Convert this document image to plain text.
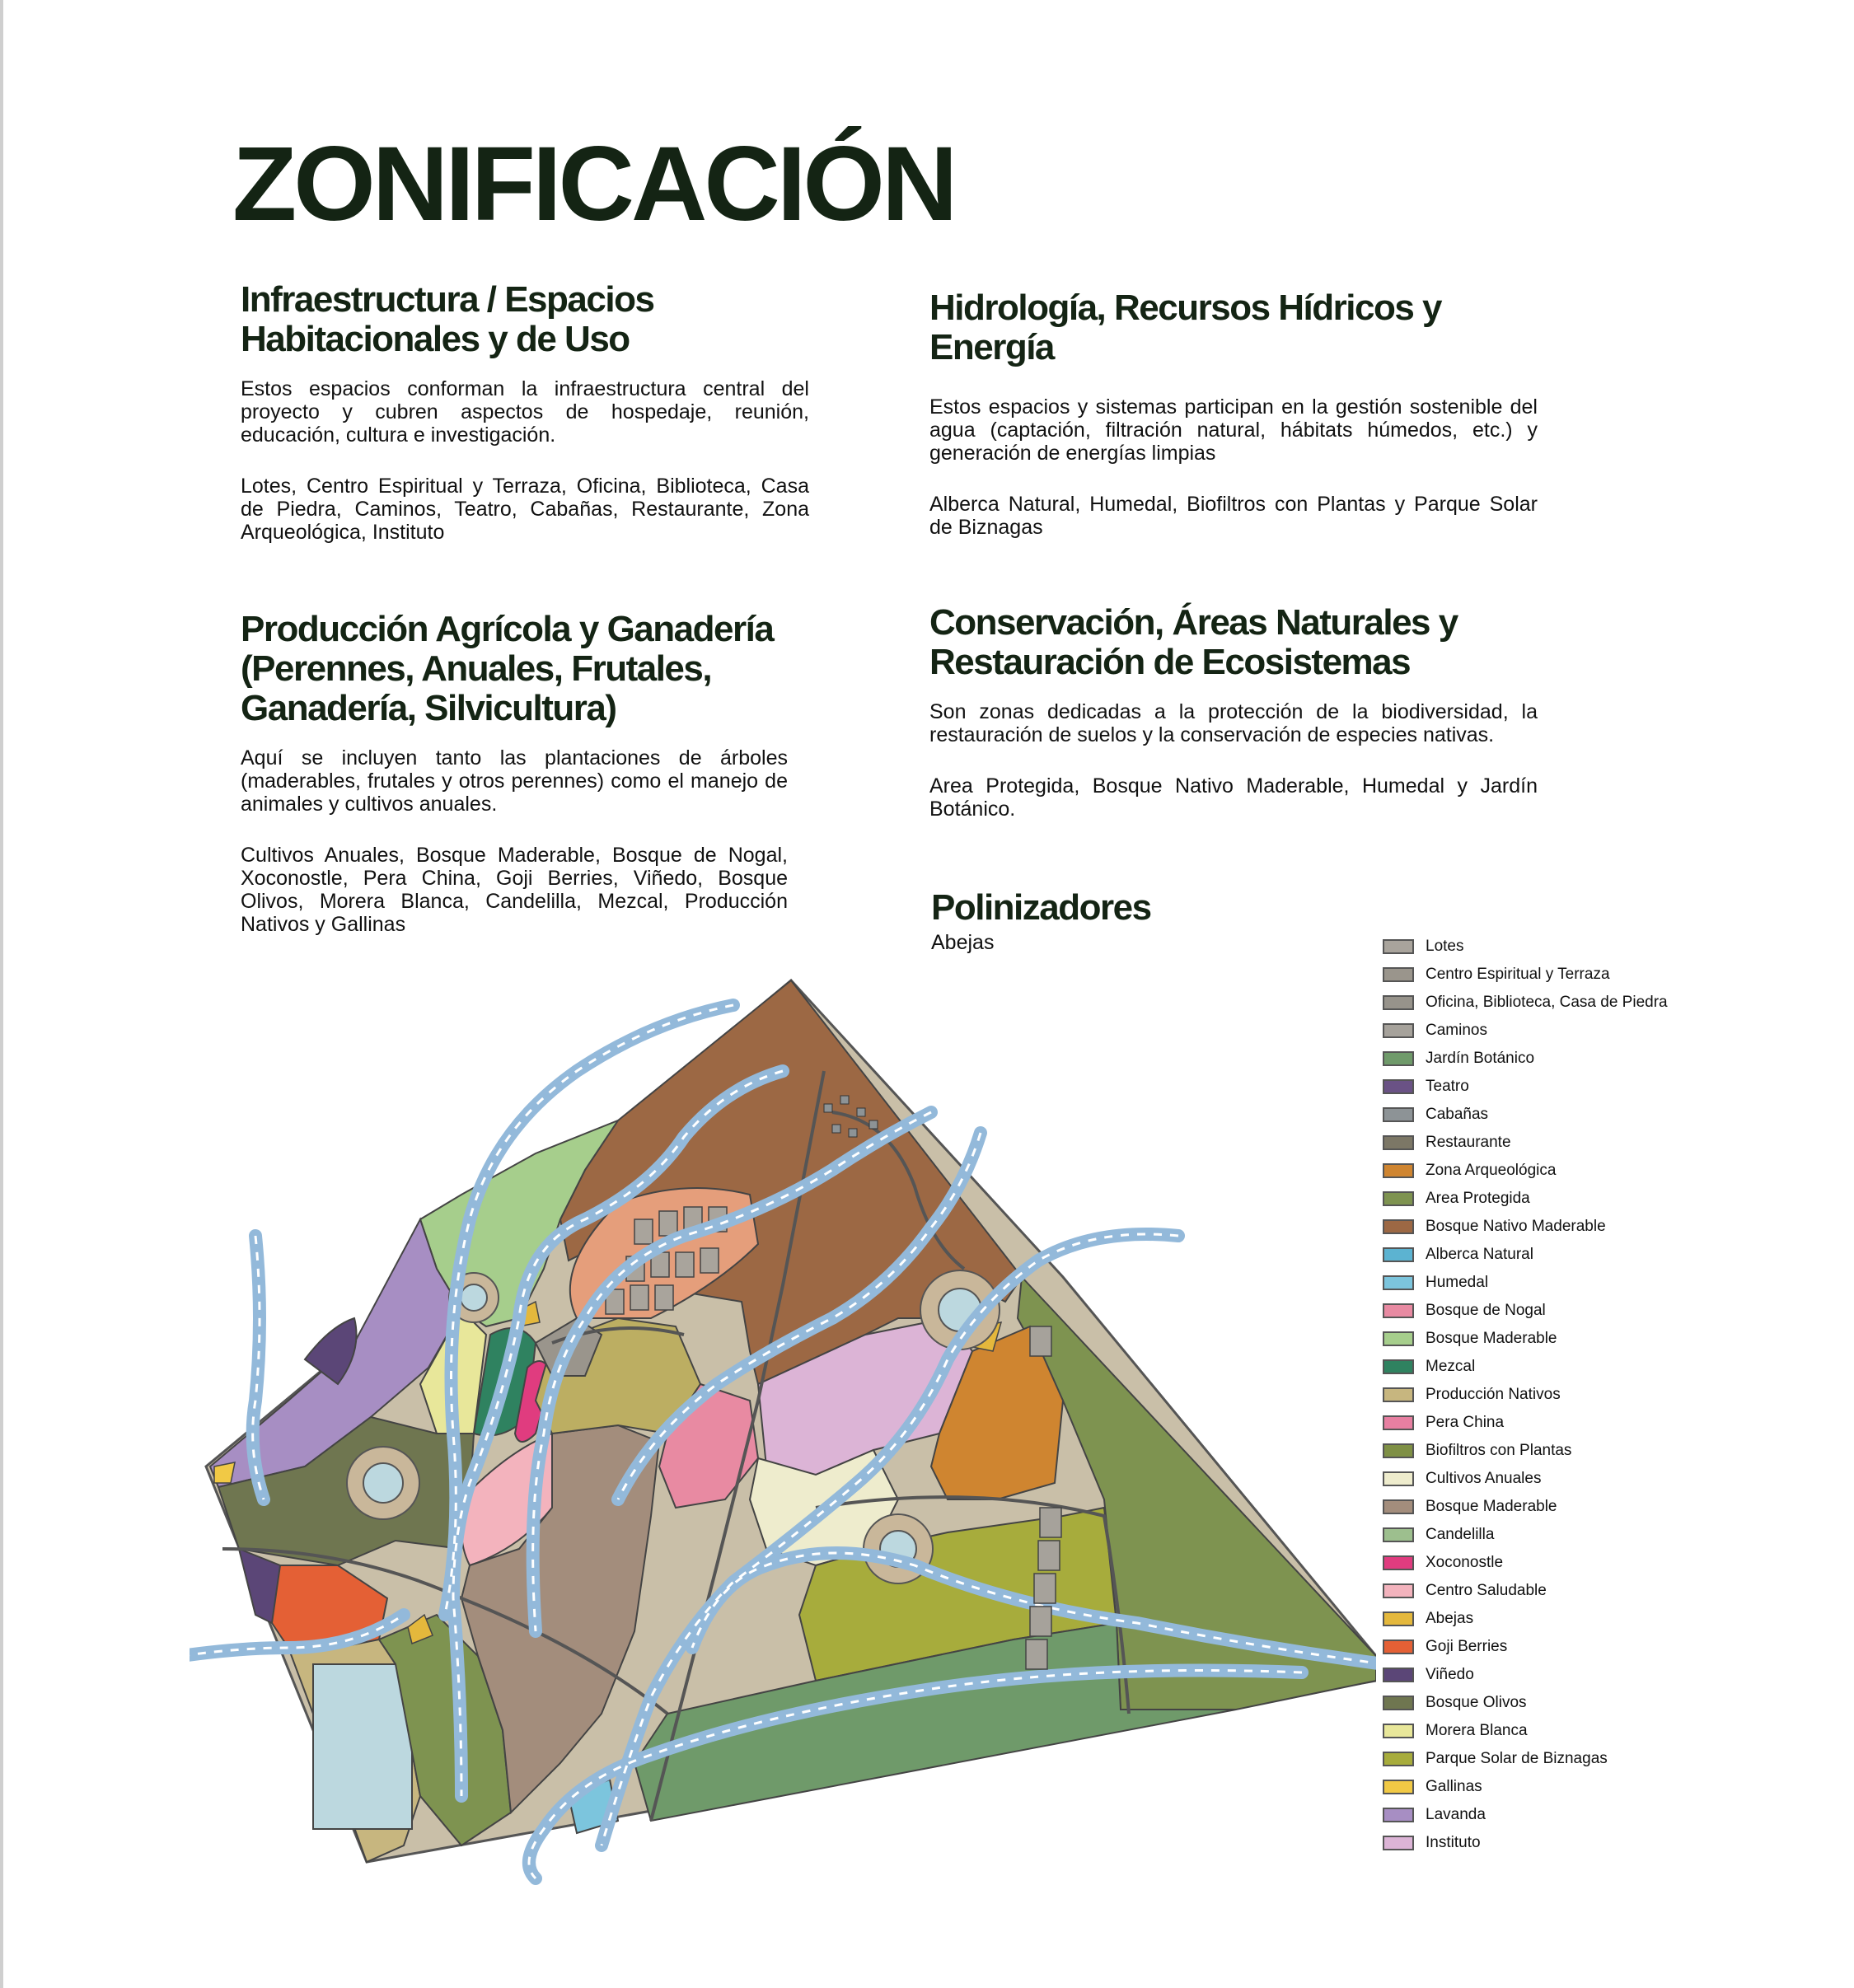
ZONIFICACIÓN
Infraestructura / Espacios Habitacionales y de Uso

Estos espacios conforman la infraestructura central del proyecto y cubren aspectos de hospedaje, reunión, educación, cultura e investigación.

Lotes, Centro Espiritual y Terraza, Oficina, Biblioteca, Casa de Piedra, Caminos, Teatro, Cabañas, Restaurante, Zona Arqueológica, Instituto

Hidrología, Recursos Hídricos y Energía

Estos espacios y sistemas participan en la gestión sostenible del agua (captación, filtración natural, hábitats húmedos, etc.) y generación de energías limpias

Alberca Natural, Humedal, Biofiltros con Plantas y Parque Solar de Biznagas

Producción Agrícola y Ganadería (Perennes, Anuales, Frutales, Ganadería, Silvicultura)

Aquí se incluyen tanto las plantaciones de árboles (maderables, frutales y otros perennes) como el manejo de animales y cultivos anuales.

Cultivos Anuales, Bosque Maderable, Bosque de Nogal, Xoconostle, Pera China, Goji Berries, Viñedo, Bosque Olivos, Morera Blanca, Candelilla, Mezcal, Producción Nativos y Gallinas

Conservación, Áreas Naturales y Restauración de Ecosistemas

Son zonas dedicadas a la protección de la biodiversidad, la restauración de suelos y la conservación de especies nativas.

Area Protegida, Bosque Nativo Maderable, Humedal y Jardín Botánico.

Polinizadores

Abejas	Lotes
Centro Espiritual y Terraza
Oficina, Biblioteca, Casa de Piedra
Caminos
Jardín Botánico
Teatro
Cabañas
Restaurante
Zona Arqueológica
Area Protegida
Bosque Nativo Maderable
Alberca Natural
Humedal
Bosque de Nogal
Bosque Maderable
Mezcal
Producción Nativos
Pera China
Biofiltros con Plantas
Cultivos Anuales
Bosque Maderable
Candelilla
Xoconostle
Centro Saludable
Abejas
Goji Berries
Viñedo
Bosque Olivos
Morera Blanca
Parque Solar de Biznagas
Gallinas
Lavanda
Instituto
